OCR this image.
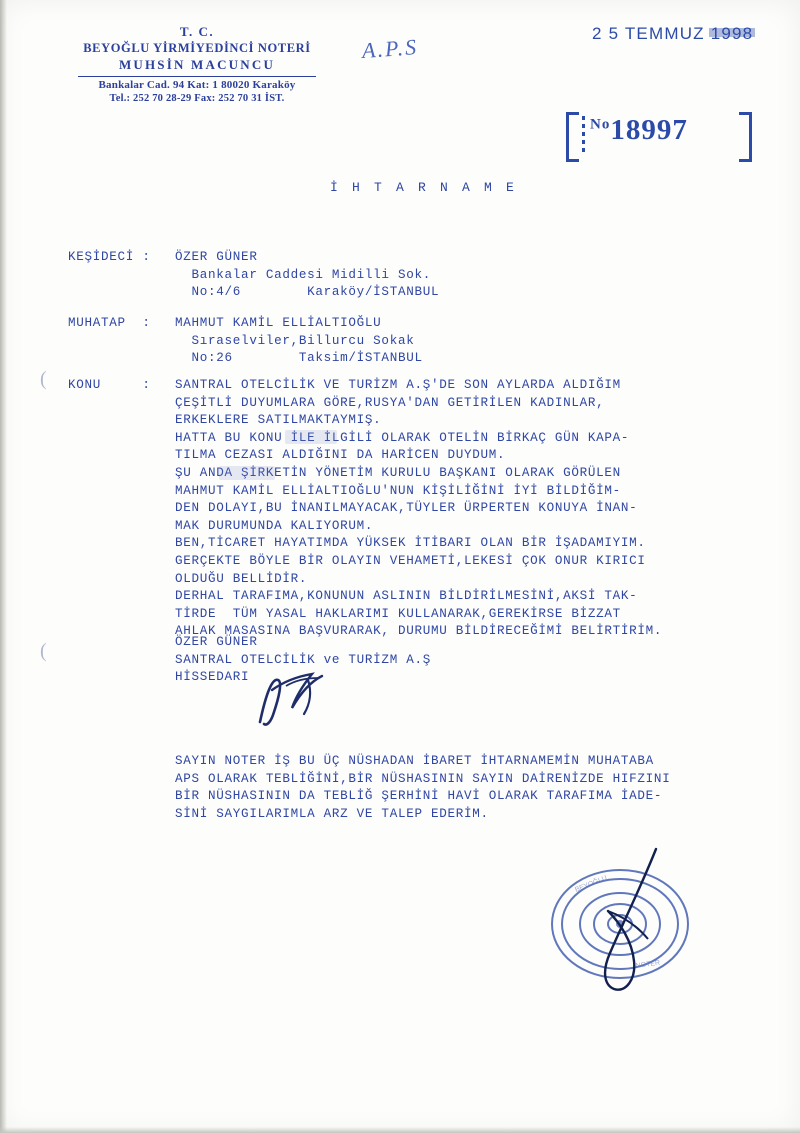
T. C.
BEYOĞLU YİRMİYEDİNCİ NOTERİ
MUHSİN MACUNCU
Bankalar Cad. 94 Kat: 1 80020 Karaköy
Tel.: 252 70 28-29 Fax: 252 70 31 İST.
2 5 TEMMUZ 1998
A.P.S
$^{No}$18997
İ H T A R N A M E
KEŞİDECİ : ÖZER GÜNER
Bankalar Caddesi Midilli Sok.
No:4/6        Karaköy/İSTANBUL
MUHATAP  : MAHMUT KAMİL ELLİALTIOĞLU
Sıraselviler,Billurcu Sokak
No:26        Taksim/İSTANBUL
KONU     : SANTRAL OTELCİLİK VE TURİZM A.Ş'DE SON AYLARDA ALDIĞIM
ÇEŞİTLİ DUYUMLARA GÖRE,RUSYA'DAN GETİRİLEN KADINLAR,
ERKEKLERE SATILMAKTAYMIŞ.
HATTA BU KONU İLE İLGİLİ OLARAK OTELİN BİRKAÇ GÜN KAPA-
TILMA CEZASI ALDIĞINI DA HARİCEN DUYDUM.
ŞU ANDA ŞİRKETİN YÖNETİM KURULU BAŞKANI OLARAK GÖRÜLEN
MAHMUT KAMİL ELLİALTIOĞLU'NUN KİŞİLİĞİNİ İYİ BİLDİĞİM-
DEN DOLAYI,BU İNANILMAYACAK,TÜYLER ÜRPERTEN KONUYA İNAN-
MAK DURUMUNDA KALIYORUM.
BEN,TİCARET HAYATIMDA YÜKSEK İTİBARI OLAN BİR İŞADAMIYIM.
GERÇEKTE BÖYLE BİR OLAYIN VEHAMETİ,LEKESİ ÇOK ONUR KIRICI
OLDUĞU BELLİDİR.
DERHAL TARAFIMA,KONUNUN ASLININ BİLDİRİLMESİNİ,AKSİ TAK-
TİRDE  TÜM YASAL HAKLARIMI KULLANARAK,GEREKİRSE BİZZAT
AHLAK MASASINA BAŞVURARAK, DURUMU BİLDİRECEĞİMİ BELİRTİRİM.
ÖZER GÜNER
SANTRAL OTELCİLİK ve TURİZM A.Ş
HİSSEDARI
SAYIN NOTER İŞ BU ÜÇ NÜSHADAN İBARET İHTARNAMEMİN MUHATABA
APS OLARAK TEBLİĞİNİ,BİR NÜSHASININ SAYIN DAİRENİZDE HIFZINI
BİR NÜSHASININ DA TEBLİĞ ŞERHİNİ HAVİ OLARAK TARAFIMA İADE-
SİNİ SAYGILARIMLA ARZ VE TALEP EDERİM.
BEYOĞLU
NOTER
(
(
